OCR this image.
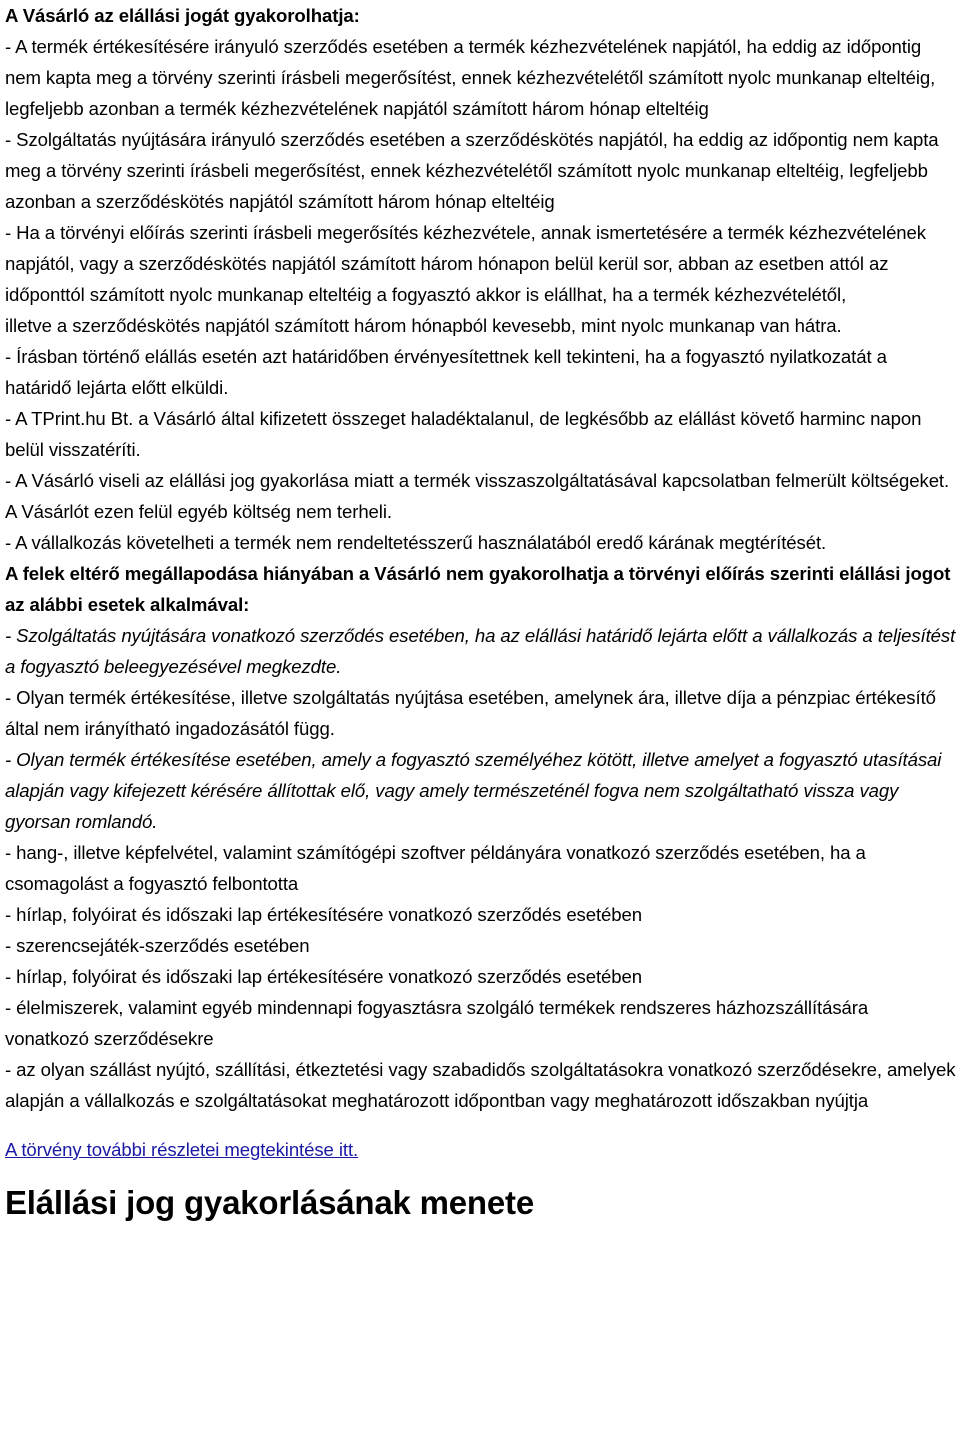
A Vásárló az elállási jogát gyakorolhatja:

- A termék értékesítésére irányuló szerződés esetében a termék kézhezvételének napjától, ha eddig az időpontig nem kapta meg a törvény szerinti írásbeli megerősítést, ennek kézhezvételétől számított nyolc munkanap elteltéig, legfeljebb azonban a termék kézhezvételének napjától számított három hónap elteltéig

- Szolgáltatás nyújtására irányuló szerződés esetében a szerződéskötés napjától, ha eddig az időpontig nem kapta meg a törvény szerinti írásbeli megerősítést, ennek kézhezvételétől számított nyolc munkanap elteltéig, legfeljebb azonban a szerződéskötés napjától számított három hónap elteltéig

- Ha a törvényi előírás szerinti írásbeli megerősítés kézhezvétele, annak ismertetésére a termék kézhezvételének napjától, vagy a szerződéskötés napjától számított három hónapon belül kerül sor, abban az esetben attól az időponttól számított nyolc munkanap elteltéig a fogyasztó akkor is elállhat, ha a termék kézhezvételétől,

illetve a szerződéskötés napjától számított három hónapból kevesebb, mint nyolc munkanap van hátra.

- Írásban történő elállás esetén azt határidőben érvényesítettnek kell tekinteni, ha a fogyasztó nyilatkozatát a határidő lejárta előtt elküldi.

- A TPrint.hu Bt. a Vásárló által kifizetett összeget haladéktalanul, de legkésőbb az elállást követő harminc napon belül visszatéríti.

- A Vásárló viseli az elállási jog gyakorlása miatt a termék visszaszolgáltatásával kapcsolatban felmerült költségeket. A Vásárlót ezen felül egyéb költség nem terheli.

- A vállalkozás követelheti a termék nem rendeltetésszerű használatából eredő kárának megtérítését.

A felek eltérő megállapodása hiányában a Vásárló nem gyakorolhatja a törvényi előírás szerinti elállási jogot az alábbi esetek alkalmával:

- Szolgáltatás nyújtására vonatkozó szerződés esetében, ha az elállási határidő lejárta előtt a vállalkozás a teljesítést a fogyasztó beleegyezésével megkezdte.

- Olyan termék értékesítése, illetve szolgáltatás nyújtása esetében, amelynek ára, illetve díja a pénzpiac értékesítő által nem irányítható ingadozásától függ.

- Olyan termék értékesítése esetében, amely a fogyasztó személyéhez kötött, illetve amelyet a fogyasztó utasításai alapján vagy kifejezett kérésére állítottak elő, vagy amely természeténél fogva nem szolgáltatható vissza vagy gyorsan romlandó.

- hang-, illetve képfelvétel, valamint számítógépi szoftver példányára vonatkozó szerződés esetében, ha a csomagolást a fogyasztó felbontotta

- hírlap, folyóirat és időszaki lap értékesítésére vonatkozó szerződés esetében

- szerencsejáték-szerződés esetében

- hírlap, folyóirat és időszaki lap értékesítésére vonatkozó szerződés esetében

- élelmiszerek, valamint egyéb mindennapi fogyasztásra szolgáló termékek rendszeres házhozszállítására vonatkozó szerződésekre

- az olyan szállást nyújtó, szállítási, étkeztetési vagy szabadidős szolgáltatásokra vonatkozó szerződésekre, amelyek alapján a vállalkozás e szolgáltatásokat meghatározott időpontban vagy meghatározott időszakban nyújtja

A törvény további részletei megtekintése itt.

Elállási jog gyakorlásának menete
